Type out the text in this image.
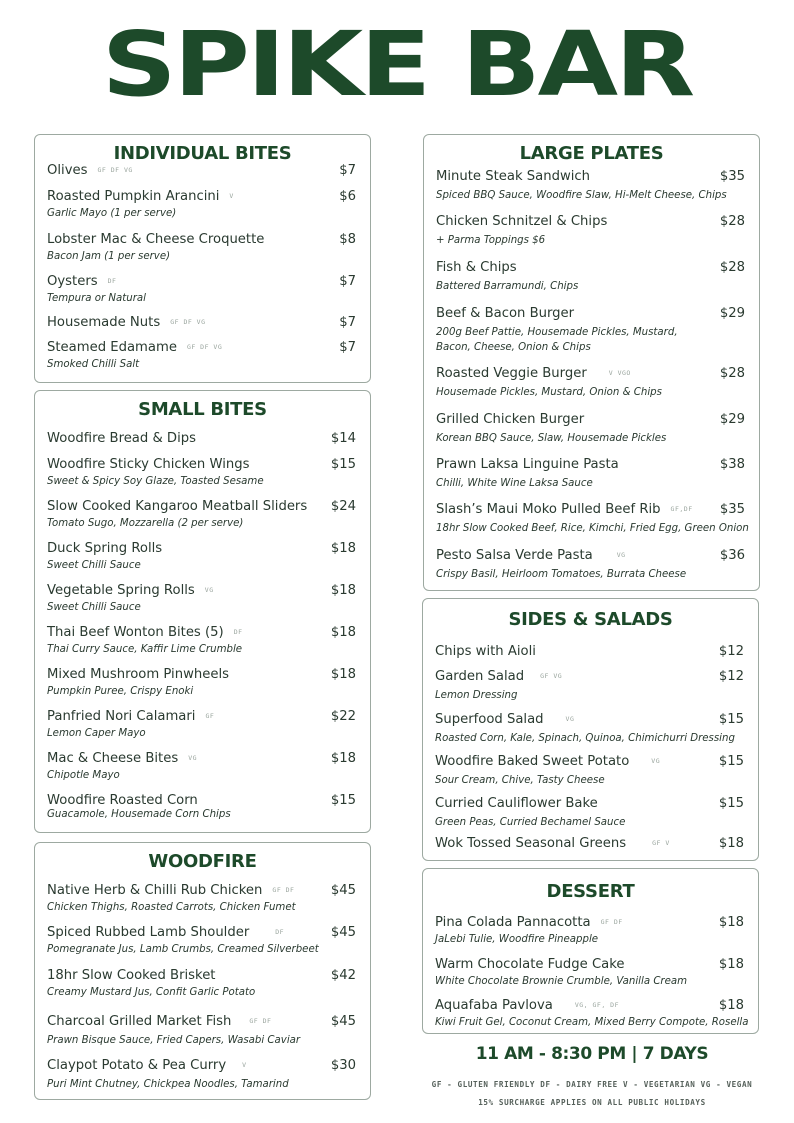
SPIKE BAR
INDIVIDUAL BITES
Olives GF DF VG	$7
Roasted Pumpkin Arancini V	$6
Garlic Mayo (1 per serve)
Lobster Mac & Cheese Croquette	$8
Bacon Jam (1 per serve)
Oysters DF	$7
Tempura or Natural
Housemade Nuts GF DF VG	$7
Steamed Edamame GF DF VG	$7
Smoked Chilli Salt
SMALL BITES
Woodfire Bread & Dips	$14
Woodfire Sticky Chicken Wings	$15
Sweet & Spicy Soy Glaze, Toasted Sesame
Slow Cooked Kangaroo Meatball Sliders $24
Tomato Sugo, Mozzarella (2 per serve)
Duck Spring Rolls	$18
Sweet Chilli Sauce
Vegetable Spring Rolls VG	$18
Sweet Chilli Sauce
Thai Beef Wonton Bites (5) DF	$18
Thai Curry Sauce, Kaffir Lime Crumble
Mixed Mushroom Pinwheels	$18
Pumpkin Puree, Crispy Enoki
Panfried Nori Calamari GF	$22
Lemon Caper Mayo
Mac & Cheese Bites VG	$18
Chipotle Mayo
Woodfire Roasted Corn	$15
Guacamole, Housemade Corn Chips
WOODFIRE
Native Herb & Chilli Rub Chicken GF DF	$45
Chicken Thighs, Roasted Carrots, Chicken Fumet
Spiced Rubbed Lamb Shoulder	DF	$45
Pomegranate Jus, Lamb Crumbs, Creamed Silverbeet
18hr Slow Cooked Brisket	$42
Creamy Mustard Jus, Confit Garlic Potato
Charcoal Grilled Market Fish	GF DF	$45
Prawn Bisque Sauce, Fried Capers, Wasabi Caviar
Claypot Potato & Pea Curry V	$30
Puri Mint Chutney, Chickpea Noodles, Tamarind
LARGE PLATES
Minute Steak Sandwich	$35
Spiced BBQ Sauce, Woodfire Slaw, Hi-Melt Cheese, Chips
Chicken Schnitzel & Chips	$28
+ Parma Toppings $6
Fish & Chips	$28
Battered Barramundi, Chips
Beef & Bacon Burger	$29
200g Beef Pattie, Housemade Pickles, Mustard,
Bacon, Cheese, Onion & Chips
Roasted Veggie Burger	V VGO	$28
Housemade Pickles, Mustard, Onion & Chips
Grilled Chicken Burger	$29
Korean BBQ Sauce, Slaw, Housemade Pickles
Prawn Laksa Linguine Pasta	$38
Chilli, White Wine Laksa Sauce
Slash’s Maui Moko Pulled Beef Rib GF,DF $35
18hr Slow Cooked Beef, Rice, Kimchi, Fried Egg, Green Onion
Pesto Salsa Verde Pasta	VG	$36
Crispy Basil, Heirloom Tomatoes, Burrata Cheese
SIDES & SALADS
Chips with Aioli	$12
Garden Salad GF VG	$12
Lemon Dressing
Superfood Salad	VG	$15
Roasted Corn, Kale, Spinach, Quinoa, Chimichurri Dressing
Woodfire Baked Sweet Potato	VG	$15
Sour Cream, Chive, Tasty Cheese
Curried Cauliflower Bake	$15
Green Peas, Curried Bechamel Sauce
Wok Tossed Seasonal Greens	GF V	$18
DESSERT
Pina Colada Pannacotta GF DF	$18
JaLebi Tulie, Woodfire Pineapple
Warm Chocolate Fudge Cake	$18
White Chocolate Brownie Crumble, Vanilla Cream
Aquafaba Pavlova	VG, GF, DF	$18
Kiwi Fruit Gel, Coconut Cream, Mixed Berry Compote, Rosella
11 AM - 8:30 PM | 7 DAYS
GF - GLUTEN FRIENDLY DF - DAIRY FREE V - VEGETARIAN VG - VEGAN
15% SURCHARGE APPLIES ON ALL PUBLIC HOLIDAYS
